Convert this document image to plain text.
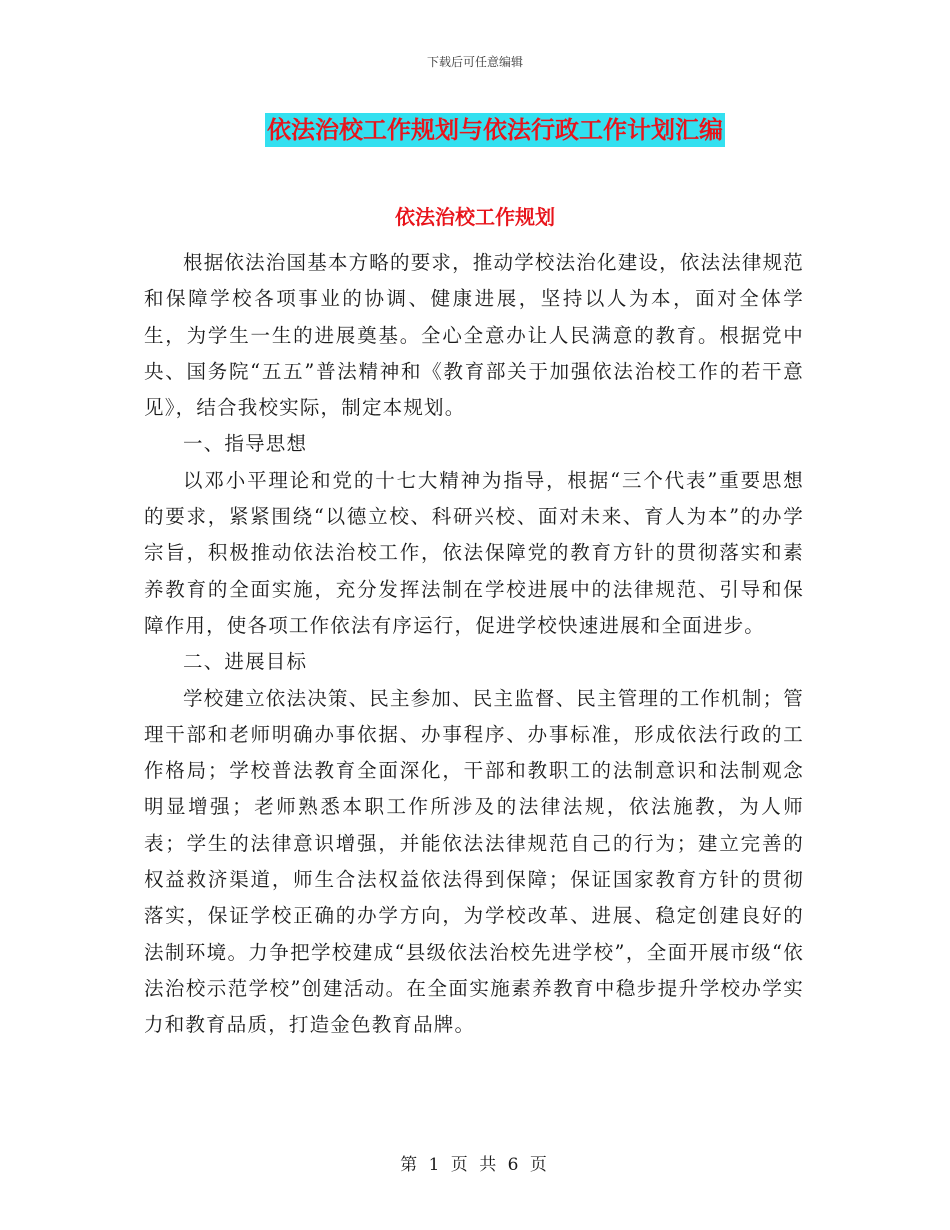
下载后可任意编辑
依法治校工作规划与依法行政工作计划汇编
依法治校工作规划

根据依法治国基本方略的要求，推动学校法治化建设，依法法律规范和保障学校各项事业的协调、健康进展，坚持以人为本，面对全体学生，为学生一生的进展奠基。全心全意办让人民满意的教育。根据党中央、国务院“五五”普法精神和《教育部关于加强依法治校工作的若干意见》，结合我校实际，制定本规划。

一、指导思想

以邓小平理论和党的十七大精神为指导，根据“三个代表”重要思想的要求，紧紧围绕“以德立校、科研兴校、面对未来、育人为本”的办学宗旨，积极推动依法治校工作，依法保障党的教育方针的贯彻落实和素养教育的全面实施，充分发挥法制在学校进展中的法律规范、引导和保障作用，使各项工作依法有序运行，促进学校快速进展和全面进步。

二、进展目标

学校建立依法决策、民主参加、民主监督、民主管理的工作机制；管理干部和老师明确办事依据、办事程序、办事标准，形成依法行政的工作格局；学校普法教育全面深化，干部和教职工的法制意识和法制观念明显增强；老师熟悉本职工作所涉及的法律法规，依法施教，为人师表；学生的法律意识增强，并能依法法律规范自己的行为；建立完善的权益救济渠道，师生合法权益依法得到保障；保证国家教育方针的贯彻落实，保证学校正确的办学方向，为学校改革、进展、稳定创建良好的法制环境。力争把学校建成“县级依法治校先进学校”，全面开展市级“依法治校示范学校”创建活动。在全面实施素养教育中稳步提升学校办学实力和教育品质，打造金色教育品牌。

第 1 页 共 6 页
